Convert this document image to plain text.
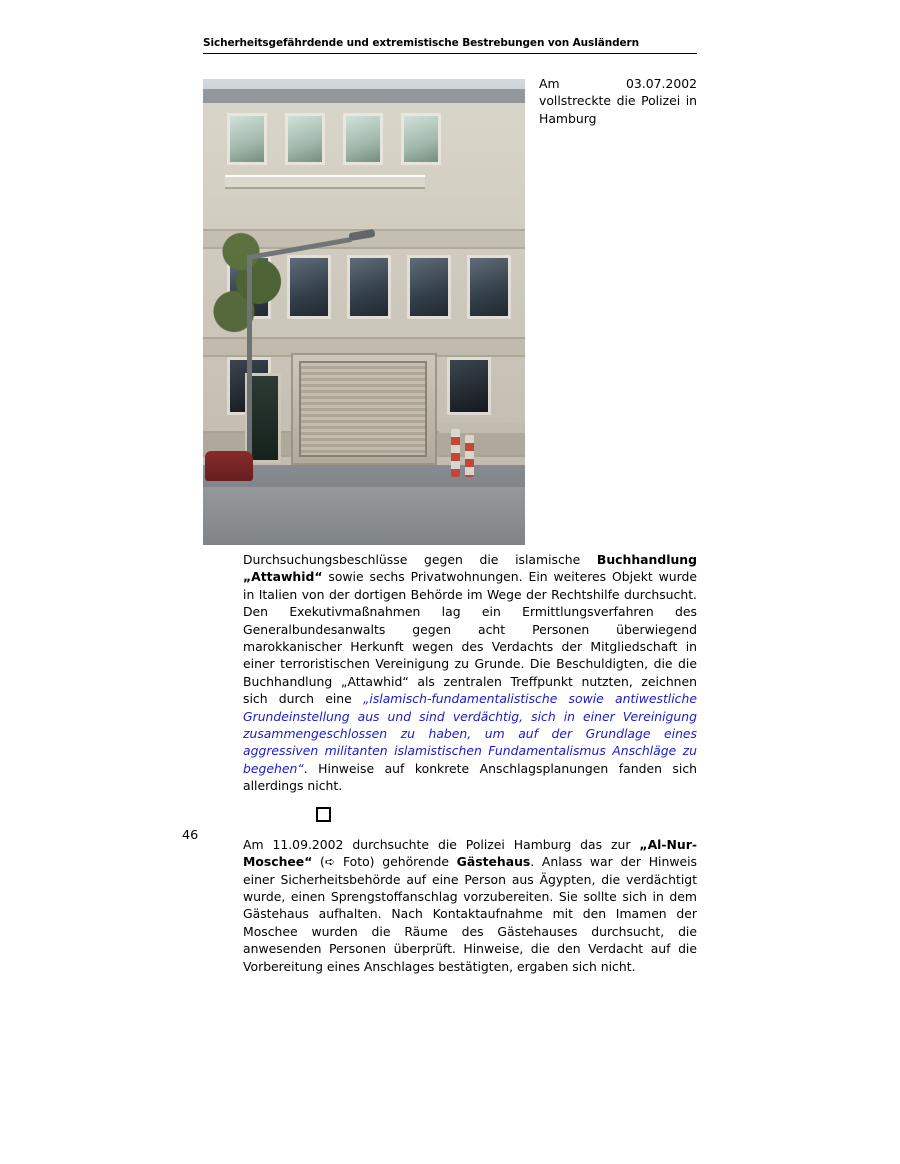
Sicherheitsgefährdende und extremistische Bestrebungen von Ausländern

Am 03.07.2002 vollstreckte die Polizei in Hamburg Durchsuchungsbeschlüsse gegen die islamische Buchhandlung „Attawhid“ sowie sechs Privatwohnungen. Ein weiteres Objekt wurde in Italien von der dortigen Behörde im Wege der Rechtshilfe durchsucht. Den Exekutivmaßnahmen lag ein Ermittlungsverfahren des Generalbundesanwalts gegen acht Personen überwiegend marokkanischer Herkunft wegen des Verdachts der Mitgliedschaft in einer terroristischen Vereinigung zu Grunde. Die Beschuldigten, die die Buchhandlung „Attawhid“ als zentralen Treffpunkt nutzten, zeichnen sich durch eine „islamisch-fundamentalistische sowie antiwestliche Grundeinstellung aus und sind verdächtig, sich in einer Vereinigung zusammengeschlossen zu haben, um auf der Grundlage eines aggressiven militanten islamistischen Fundamentalismus Anschläge zu begehen“. Hinweise auf konkrete Anschlagsplanungen fanden sich allerdings nicht.

Am 11.09.2002 durchsuchte die Polizei Hamburg das zur „Al-Nur-Moschee“ (➪ Foto) gehörende Gästehaus. Anlass war der Hinweis einer Sicherheitsbehörde auf eine Person aus Ägypten, die verdächtigt wurde, einen Sprengstoffanschlag vorzubereiten. Sie sollte sich in dem Gästehaus aufhalten. Nach Kontaktaufnahme mit den Imamen der Moschee wurden die Räume des Gästehauses durchsucht, die anwesenden Personen überprüft. Hinweise, die den Verdacht auf die Vorbereitung eines Anschlages bestätigten, ergaben sich nicht.

46
